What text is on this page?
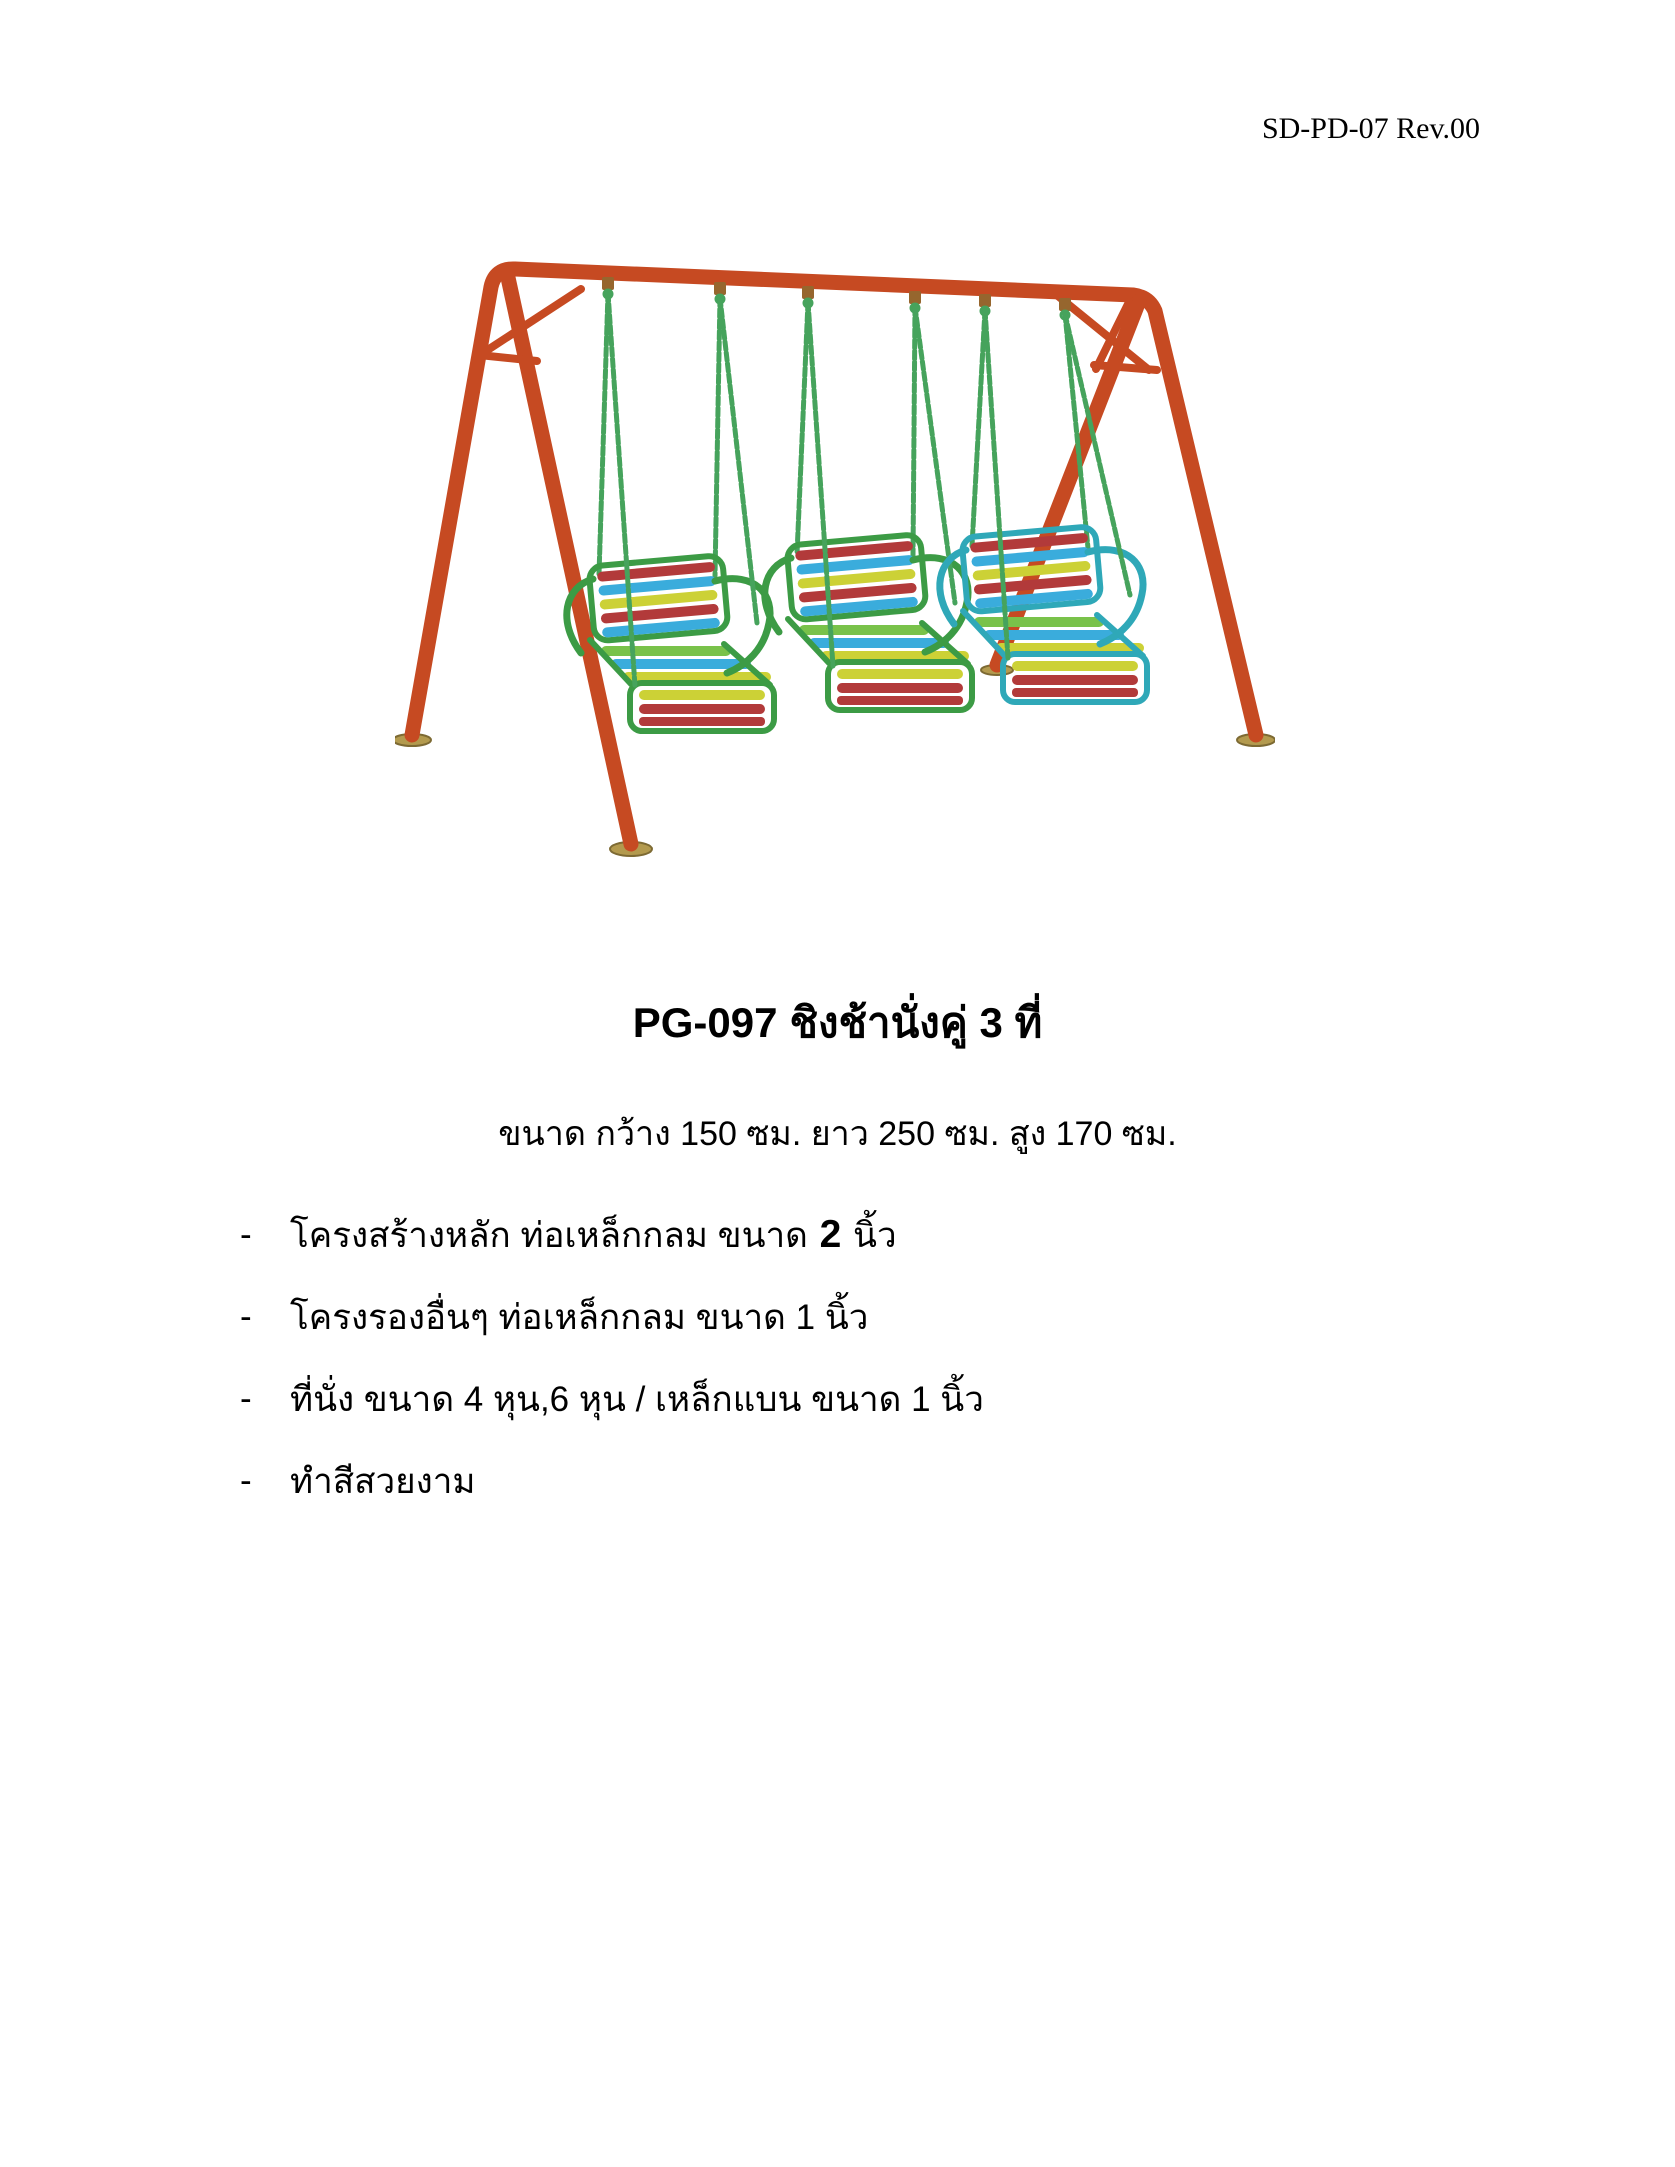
SD-PD-07 Rev.00
PG-097 ชิงช้านั่งคู่ 3 ที่
ขนาด กว้าง 150 ซม. ยาว 250 ซม. สูง 170 ซม.
-	โครงสร้างหลัก ท่อเหล็กกลม ขนาด 2 นิ้ว
-	โครงรองอื่นๆ ท่อเหล็กกลม ขนาด 1 นิ้ว
-	ที่นั่ง ขนาด 4 หุน,6 หุน / เหล็กแบน ขนาด 1 นิ้ว
-	ทำสีสวยงาม
